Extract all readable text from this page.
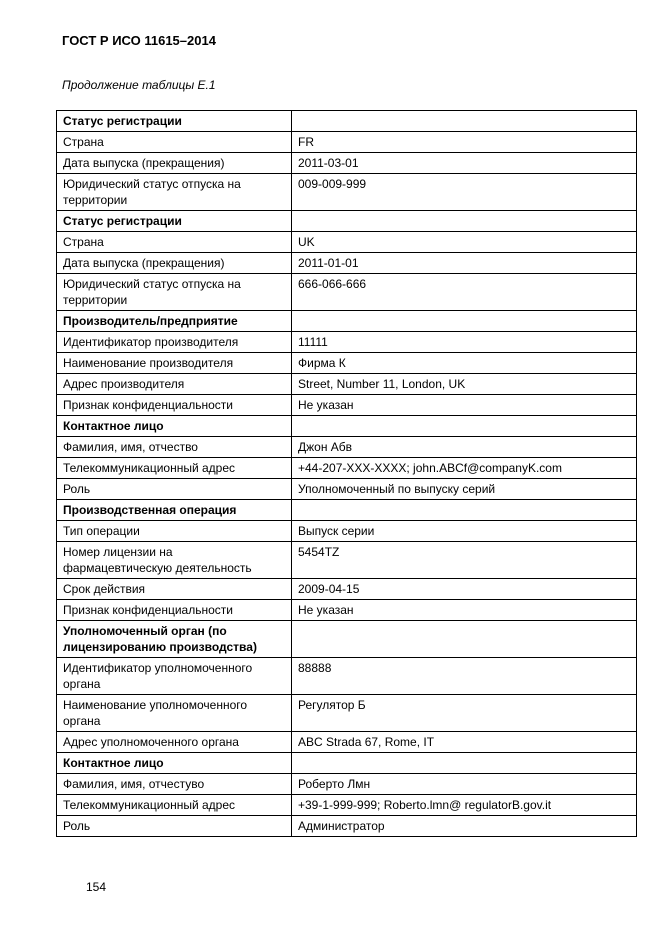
ГОСТ Р ИСО 11615–2014
Продолжение таблицы Е.1
Статус регистрации	
Страна	FR
Дата выпуска (прекращения)	2011-03-01
Юридический статус отпуска на территории	009-009-999
Статус регистрации	
Страна	UK
Дата выпуска (прекращения)	2011-01-01
Юридический статус отпуска на территории	666-066-666
Производитель/предприятие	
Идентификатор производителя	11111
Наименование производителя	Фирма К
Адрес производителя	Street, Number 11, London, UK
Признак конфиденциальности	Не указан
Контактное лицо	
Фамилия, имя, отчество	Джон Абв
Телекоммуникационный адрес	+44-207-XXX-XXXX; john.ABCf@companyK.com
Роль	Уполномоченный по выпуску серий
Производственная операция	
Тип операции	Выпуск серии
Номер лицензии на фармацевтическую деятельность	5454TZ
Срок действия	2009-04-15
Признак конфиденциальности	Не указан
Уполномоченный орган (по лицензированию производства)	
Идентификатор уполномоченного органа	88888
Наименование уполномоченного органа	Регулятор Б
Адрес уполномоченного органа	ABC Strada 67, Rome, IT
Контактное лицо	
Фамилия, имя, отчестуво	Роберто Лмн
Телекоммуникационный адрес	+39-1-999-999; Roberto.lmn@ regulatorB.gov.it
Роль	Администратор
154
